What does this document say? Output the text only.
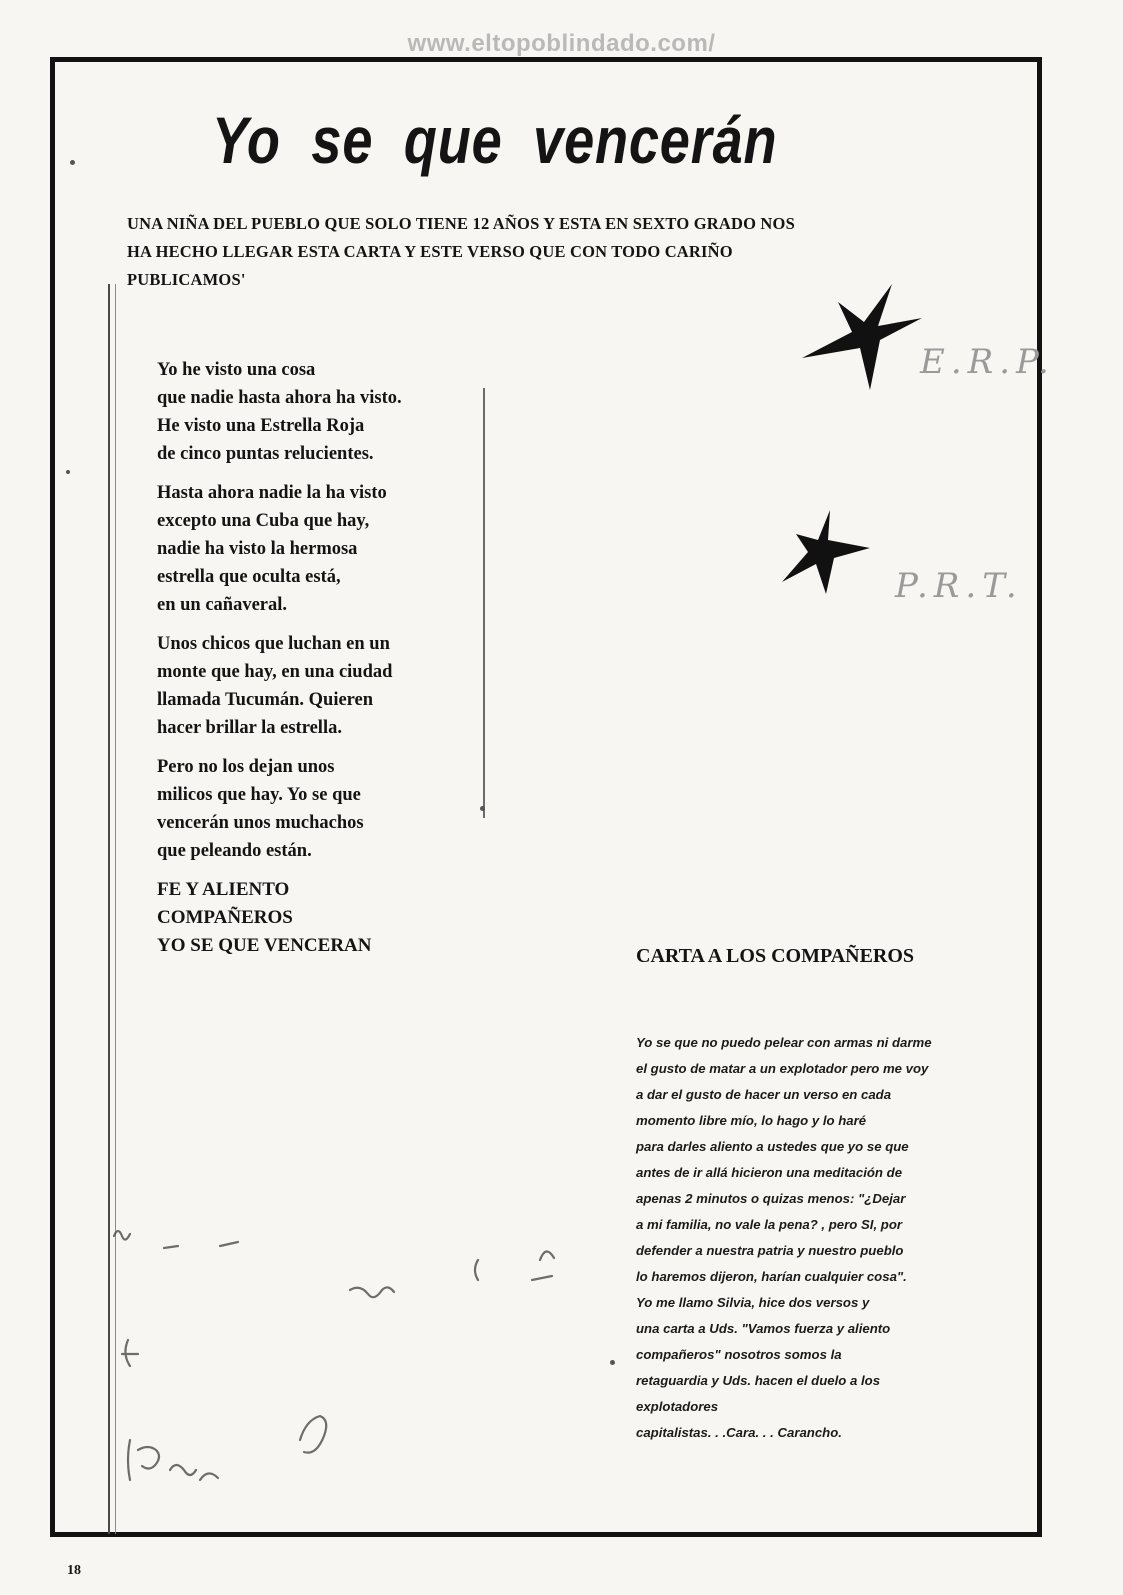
www.eltopoblindado.com/
Yo se que vencerán
UNA NIÑA DEL PUEBLO QUE SOLO TIENE 12 AÑOS Y ESTA EN SEXTO GRADO NOS
HA HECHO LLEGAR ESTA CARTA Y ESTE VERSO QUE CON TODO CARIÑO
PUBLICAMOS'
Yo he visto una cosa
que nadie hasta ahora ha visto.
He visto una Estrella Roja
de cinco puntas relucientes.
Hasta ahora nadie la ha visto
excepto una Cuba que hay,
nadie ha visto la hermosa
estrella que oculta está,
en un cañaveral.
Unos chicos que luchan en un
monte que hay, en una ciudad
llamada Tucumán. Quieren
hacer brillar la estrella.
Pero no los dejan unos
milicos que hay. Yo se que
vencerán unos muchachos
que peleando están.
FE Y ALIENTO
COMPAÑEROS
YO SE QUE VENCERAN
E.R.P.
P.R.T.
CARTA A LOS COMPAÑEROS
Yo se que no puedo pelear con armas ni darme
el gusto de matar a un explotador pero me voy
a dar el gusto de hacer un verso en cada
momento libre mío, lo hago y lo haré
para darles aliento a ustedes que yo se que
antes de ir allá hicieron una meditación de
apenas 2 minutos o quizas menos: "¿Dejar
a mi familia, no vale la pena? , pero SI, por
defender a nuestra patria y nuestro pueblo
lo haremos dijeron, harían cualquier cosa".
Yo me llamo Silvia, hice dos versos y
una carta a Uds. "Vamos fuerza y aliento
compañeros" nosotros somos la
retaguardia y Uds. hacen el duelo a los
explotadores
capitalistas. . .Cara. . . Carancho.
18
